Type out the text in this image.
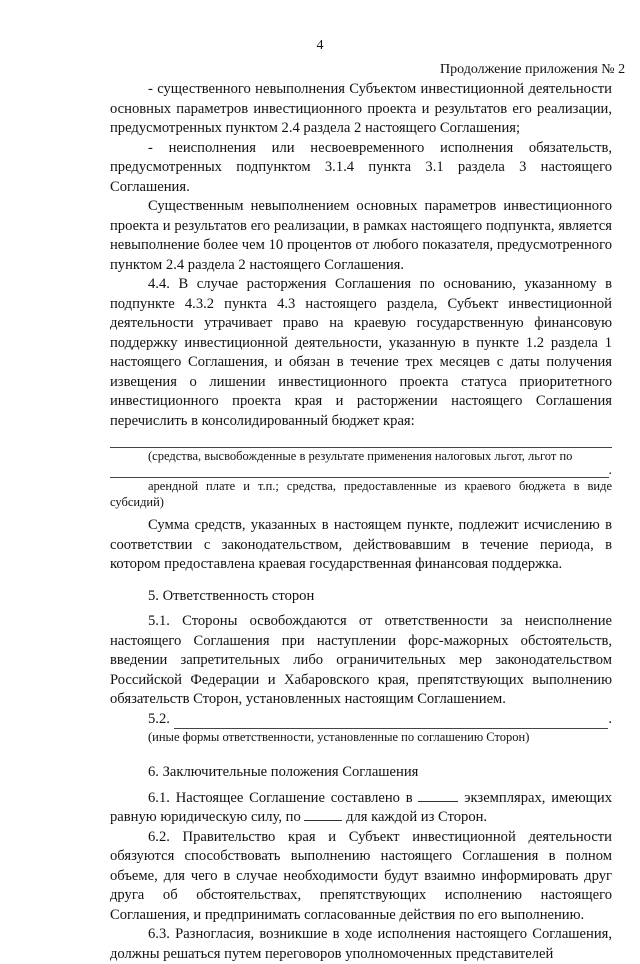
4
Продолжение приложения № 2

- существенного невыполнения Субъектом инвестиционной деятельности основных параметров инвестиционного проекта и результатов его реализации, предусмотренных пунктом 2.4 раздела 2 настоящего Соглашения;

- неисполнения или несвоевременного исполнения обязательств, предусмотренных подпунктом 3.1.4 пункта 3.1 раздела 3 настоящего Соглашения.

Существенным невыполнением основных параметров инвестиционного проекта и результатов его реализации, в рамках настоящего подпункта, является невыполнение более чем 10 процентов от любого показателя, предусмотренного пунктом 2.4 раздела 2 настоящего Соглашения.

4.4. В случае расторжения Соглашения по основанию, указанному в подпункте 4.3.2 пункта 4.3 настоящего раздела, Субъект инвестиционной деятельности утрачивает право на краевую государственную финансовую поддержку инвестиционной деятельности, указанную в пункте 1.2 раздела 1 настоящего Соглашения, и обязан в течение трех месяцев с даты получения извещения о лишении инвестиционного проекта статуса приоритетного инвестиционного проекта края и расторжении настоящего Соглашения перечислить в консолидированный бюджет края:

(средства, высвобожденные в результате применения налоговых льгот, льгот по

.

арендной плате и т.п.; средства, предоставленные из краевого бюджета в виде субсидий)

Сумма средств, указанных в настоящем пункте, подлежит исчислению в соответствии с законодательством, действовавшим в течение периода, в котором предоставлена краевая государственная финансовая поддержка.

5. Ответственность сторон

5.1. Стороны освобождаются от ответственности за неисполнение настоящего Соглашения при наступлении форс-мажорных обстоятельств, введении запретительных либо ограничительных мер законодательством Российской Федерации и Хабаровского края, препятствующих выполнению обязательств Сторон, установленных настоящим Соглашением.

5.2.	.

(иные формы ответственности, установленные по соглашению Сторон)

6. Заключительные положения Соглашения

6.1. Настоящее Соглашение составлено в	экземплярах, имеющих равную юридическую силу, по	для каждой из Сторон.

6.2. Правительство края и Субъект инвестиционной деятельности обязуются способствовать выполнению настоящего Соглашения в полном объеме, для чего в случае необходимости будут взаимно информировать друг друга об обстоятельствах, препятствующих исполнению настоящего Соглашения, и предпринимать согласованные действия по его выполнению.

6.3. Разногласия, возникшие в ходе исполнения настоящего Соглашения, должны решаться путем переговоров уполномоченных представителей
